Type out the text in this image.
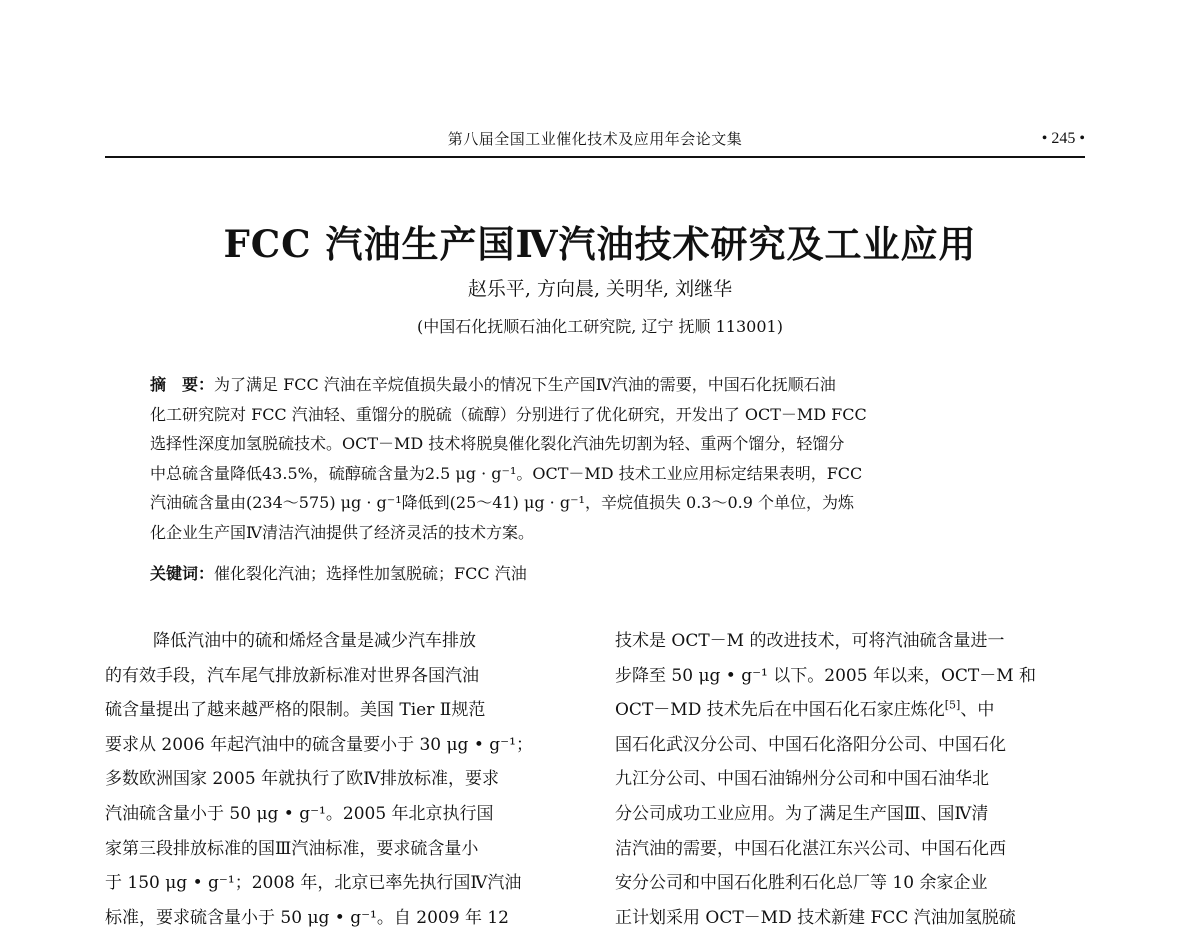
第八届全国工业催化技术及应用年会论文集	• 245 •
FCC 汽油生产国Ⅳ汽油技术研究及工业应用
赵乐平, 方向晨, 关明华, 刘继华
(中国石化抚顺石油化工研究院, 辽宁 抚顺 113001)
摘　要：为了满足 FCC 汽油在辛烷值损失最小的情况下生产国Ⅳ汽油的需要，中国石化抚顺石油
化工研究院对 FCC 汽油轻、重馏分的脱硫（硫醇）分别进行了优化研究，开发出了 OCT－MD FCC
选择性深度加氢脱硫技术。OCT－MD 技术将脱臭催化裂化汽油先切割为轻、重两个馏分，轻馏分
中总硫含量降低43.5%，硫醇硫含量为2.5 μg · g⁻¹。OCT－MD 技术工业应用标定结果表明，FCC
汽油硫含量由(234～575) μg · g⁻¹降低到(25～41) μg · g⁻¹，辛烷值损失 0.3～0.9 个单位，为炼
化企业生产国Ⅳ清洁汽油提供了经济灵活的技术方案。
关键词：催化裂化汽油；选择性加氢脱硫；FCC 汽油
降低汽油中的硫和烯烃含量是减少汽车排放
的有效手段，汽车尾气排放新标准对世界各国汽油
硫含量提出了越来越严格的限制。美国 Tier Ⅱ规范
要求从 2006 年起汽油中的硫含量要小于 30 μg • g⁻¹；
多数欧洲国家 2005 年就执行了欧Ⅳ排放标准，要求
汽油硫含量小于 50 μg • g⁻¹。2005 年北京执行国
家第三段排放标准的国Ⅲ汽油标准，要求硫含量小
于 150 μg • g⁻¹；2008 年，北京已率先执行国Ⅳ汽油
标准，要求硫含量小于 50 μg • g⁻¹。自 2009 年 12
技术是 OCT－M 的改进技术，可将汽油硫含量进一
步降至 50 μg • g⁻¹ 以下。2005 年以来，OCT－M 和
OCT－MD 技术先后在中国石化石家庄炼化[5]、中
国石化武汉分公司、中国石化洛阳分公司、中国石化
九江分公司、中国石油锦州分公司和中国石油华北
分公司成功工业应用。为了满足生产国Ⅲ、国Ⅳ清
洁汽油的需要，中国石化湛江东兴公司、中国石化西
安分公司和中国石化胜利石化总厂等 10 余家企业
正计划采用 OCT－MD 技术新建 FCC 汽油加氢脱硫
